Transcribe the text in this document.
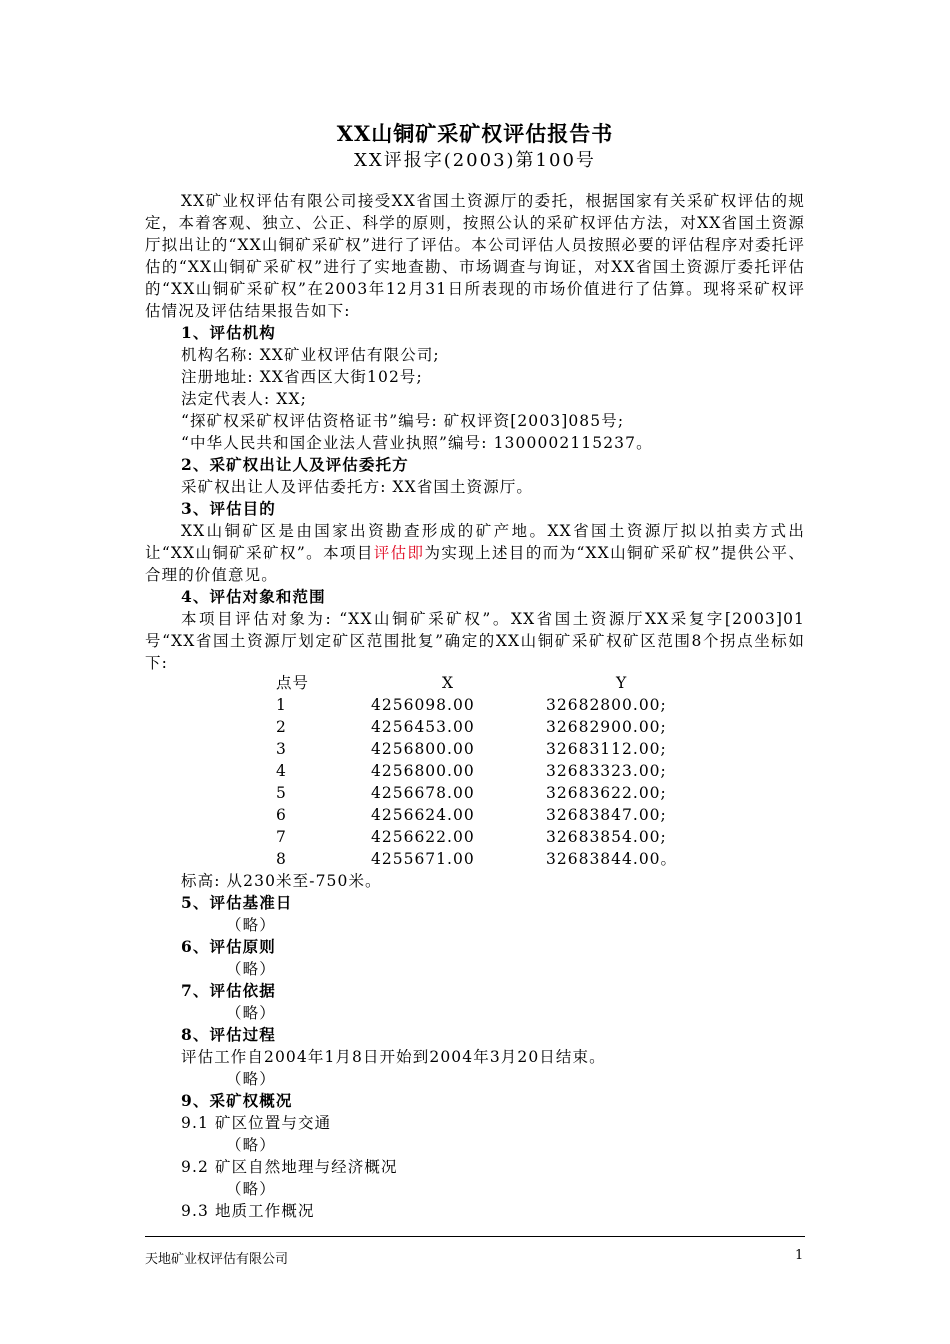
XX山铜矿采矿权评估报告书
XX评报字(2003)第100号
XX矿业权评估有限公司接受XX省国土资源厅的委托，根据国家有关采矿权评估的规定，本着客观、独立、公正、科学的原则，按照公认的采矿权评估方法，对XX省国土资源厅拟出让的“XX山铜矿采矿权”进行了评估。本公司评估人员按照必要的评估程序对委托评估的“XX山铜矿采矿权”进行了实地查勘、市场调查与询证，对XX省国土资源厅委托评估的“XX山铜矿采矿权”在2003年12月31日所表现的市场价值进行了估算。现将采矿权评估情况及评估结果报告如下:
1、评估机构
机构名称: XX矿业权评估有限公司;
注册地址: XX省西区大街102号;
法定代表人: XX;
“探矿权采矿权评估资格证书”编号: 矿权评资[2003]085号;
“中华人民共和国企业法人营业执照”编号: 1300002115237。
2、采矿权出让人及评估委托方
采矿权出让人及评估委托方: XX省国土资源厅。
3、评估目的
XX山铜矿区是由国家出资勘查形成的矿产地。XX省国土资源厅拟以拍卖方式出让“XX山铜矿采矿权”。本项目评估即为实现上述目的而为“XX山铜矿采矿权”提供公平、合理的价值意见。
4、评估对象和范围
本项目评估对象为: “XX山铜矿采矿权”。XX省国土资源厅XX采复字[2003]01号“XX省国土资源厅划定矿区范围批复”确定的XX山铜矿采矿权矿区范围8个拐点坐标如下:
点号	X	Y
1	4256098.00	32682800.00;
2	4256453.00	32682900.00;
3	4256800.00	32683112.00;
4	4256800.00	32683323.00;
5	4256678.00	32683622.00;
6	4256624.00	32683847.00;
7	4256622.00	32683854.00;
8	4255671.00	32683844.00。
标高: 从230米至-750米。
5、评估基准日
（略）
6、评估原则
（略）
7、评估依据
（略）
8、评估过程
评估工作自2004年1月8日开始到2004年3月20日结束。
（略）
9、采矿权概况
9.1 矿区位置与交通
（略）
9.2 矿区自然地理与经济概况
（略）
9.3 地质工作概况
天地矿业权评估有限公司	1
